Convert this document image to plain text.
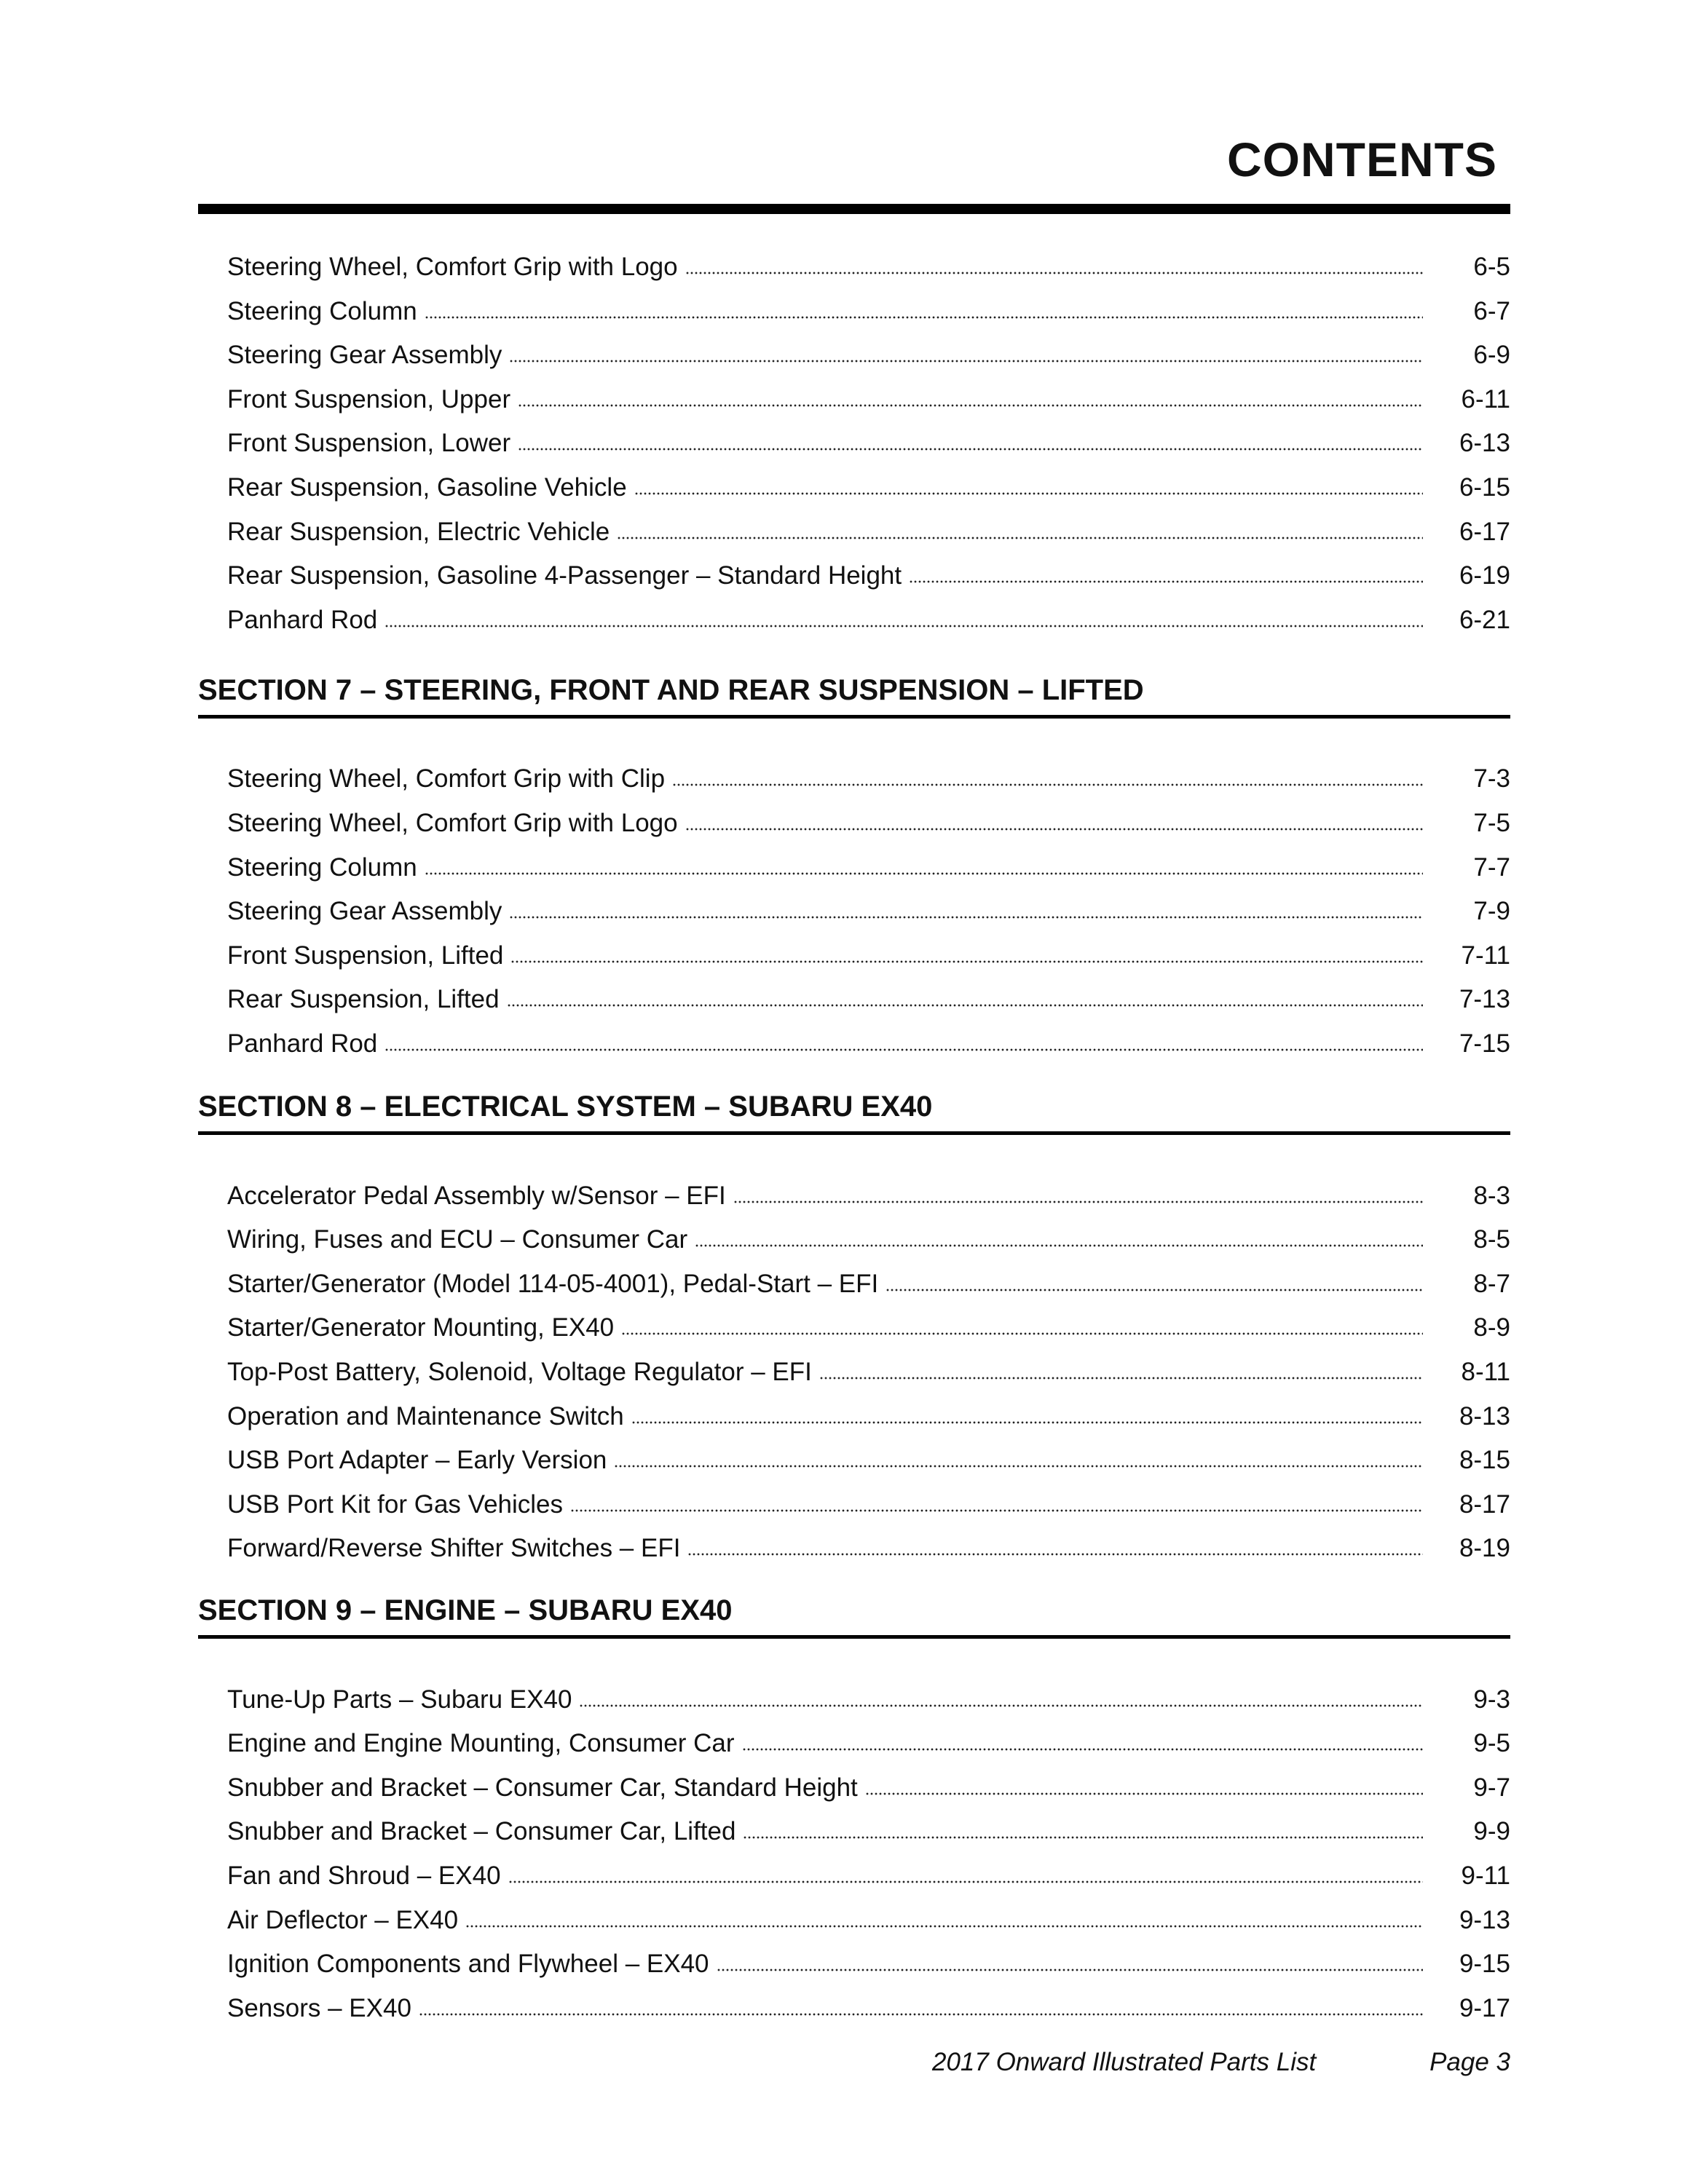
CONTENTS
Steering Wheel, Comfort Grip with Logo	6-5
Steering Column	6-7
Steering Gear Assembly	6-9
Front Suspension, Upper	6-11
Front Suspension, Lower	6-13
Rear Suspension, Gasoline Vehicle	6-15
Rear Suspension, Electric Vehicle	6-17
Rear Suspension, Gasoline 4-Passenger – Standard Height	6-19
Panhard Rod	6-21
SECTION 7 – STEERING, FRONT AND REAR SUSPENSION – LIFTED
Steering Wheel, Comfort Grip with Clip	7-3
Steering Wheel, Comfort Grip with Logo	7-5
Steering Column	7-7
Steering Gear Assembly	7-9
Front Suspension, Lifted	7-11
Rear Suspension, Lifted	7-13
Panhard Rod	7-15
SECTION 8 – ELECTRICAL SYSTEM – SUBARU EX40
Accelerator Pedal Assembly w/Sensor – EFI	8-3
Wiring, Fuses and ECU – Consumer Car	8-5
Starter/Generator (Model 114-05-4001), Pedal-Start – EFI	8-7
Starter/Generator Mounting, EX40	8-9
Top-Post Battery, Solenoid, Voltage Regulator – EFI	8-11
Operation and Maintenance Switch	8-13
USB Port Adapter – Early Version	8-15
USB Port Kit for Gas Vehicles	8-17
Forward/Reverse Shifter Switches – EFI	8-19
SECTION 9 – ENGINE – SUBARU EX40
Tune-Up Parts – Subaru EX40	9-3
Engine and Engine Mounting, Consumer Car	9-5
Snubber and Bracket – Consumer Car, Standard Height	9-7
Snubber and Bracket – Consumer Car, Lifted	9-9
Fan and Shroud – EX40	9-11
Air Deflector – EX40	9-13
Ignition Components and Flywheel – EX40	9-15
Sensors – EX40	9-17
2017 Onward Illustrated Parts List	Page 3
